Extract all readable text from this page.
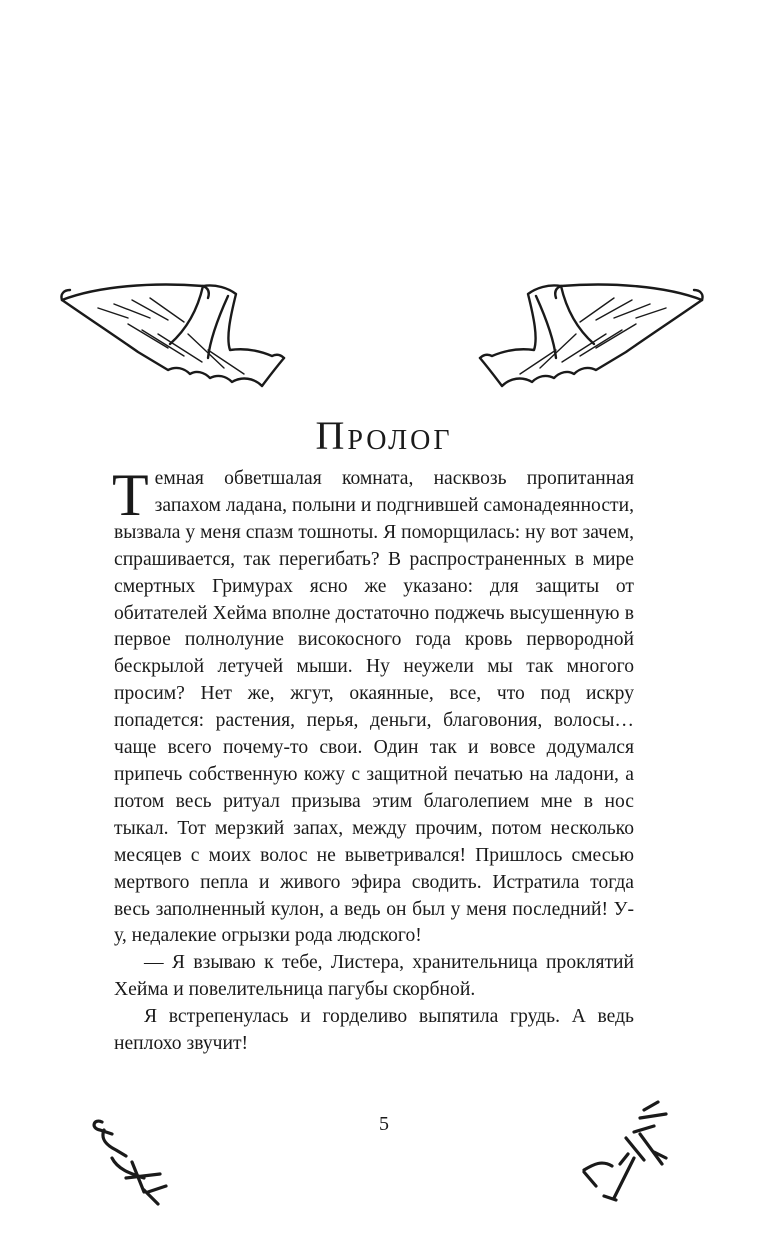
Пролог

Темная обветшалая комната, насквозь пропитанная запахом ладана, полыни и подгнившей самонадеянности, вызвала у меня спазм тошноты. Я поморщилась: ну вот зачем, спрашивается, так перегибать? В распространенных в мире смертных Гримурах ясно же указано: для защиты от обитателей Хейма вполне достаточно поджечь высушенную в первое полнолуние високосного года кровь первородной бескрылой летучей мыши. Ну неужели мы так многого просим? Нет же, жгут, окаянные, все, что под искру попадется: растения, перья, деньги, благовония, волосы… чаще всего почему-то свои. Один так и вовсе додумался припечь собственную кожу с защитной печатью на ладони, а потом весь ритуал призыва этим благолепием мне в нос тыкал. Тот мерзкий запах, между прочим, потом несколько месяцев с моих волос не выветривался! Пришлось смесью мертвого пепла и живого эфира сводить. Истратила тогда весь заполненный кулон, а ведь он был у меня последний! У-у, недалекие огрызки рода людского!

— Я взываю к тебе, Листера, хранительница проклятий Хейма и повелительница пагубы скорбной.

Я встрепенулась и горделиво выпятила грудь. А ведь неплохо звучит!

5
